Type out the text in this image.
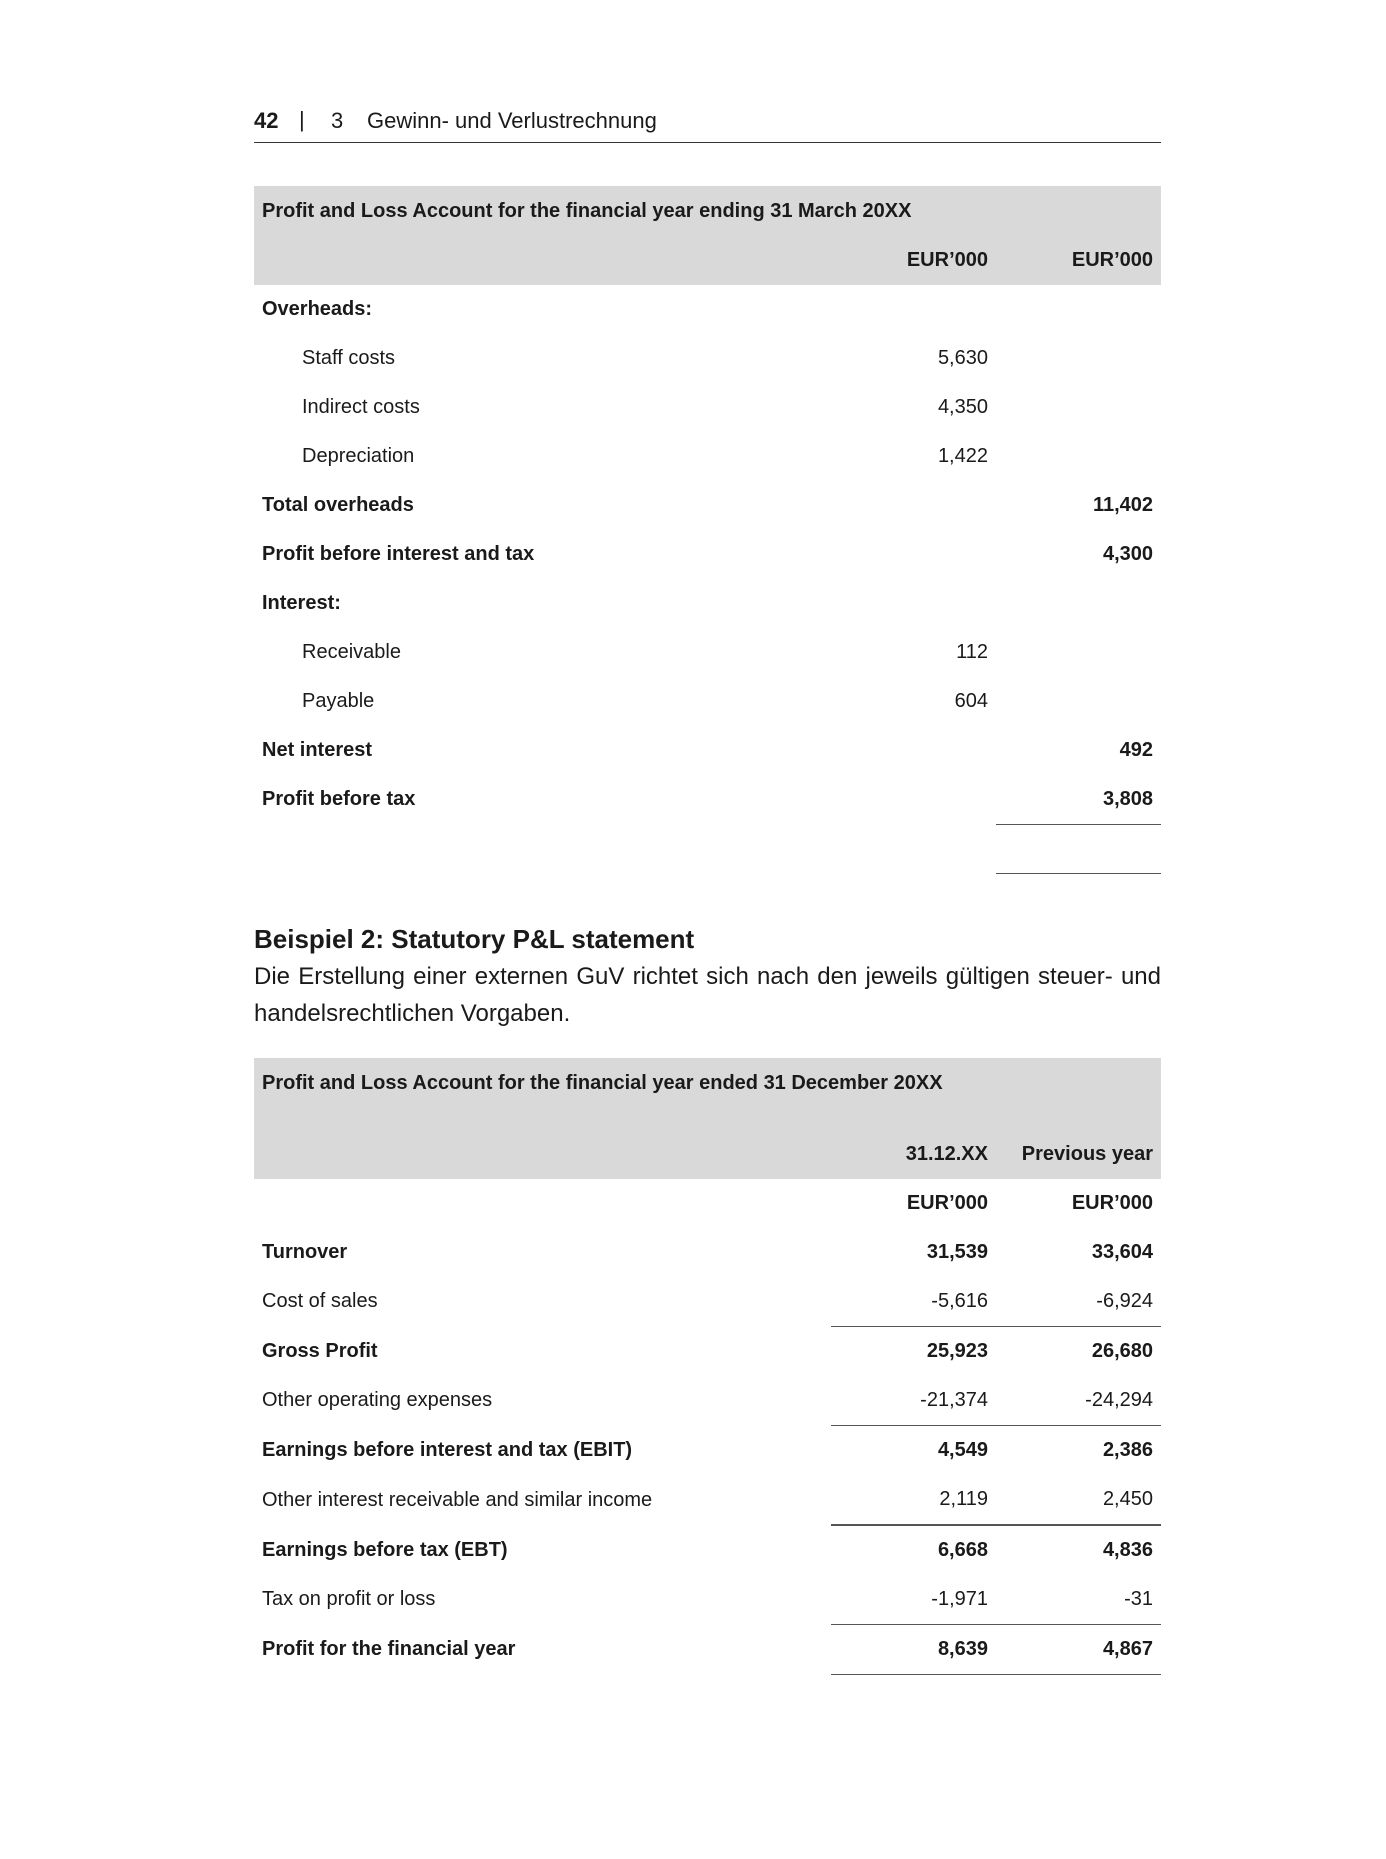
42 | 3 Gewinn- und Verlustrechnung
Profit and Loss Account for the financial year ending 31 March 20XX		
	EUR’000	EUR’000
Overheads:		
Staff costs	5,630	
Indirect costs	4,350	
Depreciation	1,422	
Total overheads		11,402
Profit before interest and tax		4,300
Interest:		
Receivable	112	
Payable	604	
Net interest		492
Profit before tax		3,808

Beispiel 2: Statutory P&L statement

Die Erstellung einer externen GuV richtet sich nach den jeweils gültigen steuer- und handelsrechtlichen Vorgaben.

Profit and Loss Account for the financial year ended 31 December 20XX		
	31.12.XX	Previous year
	EUR’000	EUR’000
Turnover	31,539	33,604
Cost of sales	-5,616	-6,924
Gross Profit	25,923	26,680
Other operating expenses	-21,374	-24,294
Earnings before interest and tax (EBIT)	4,549	2,386
Other interest receivable and similar income	2,119	2,450
Earnings before tax (EBT)	6,668	4,836
Tax on profit or loss	-1,971	-31
Profit for the financial year	8,639	4,867
